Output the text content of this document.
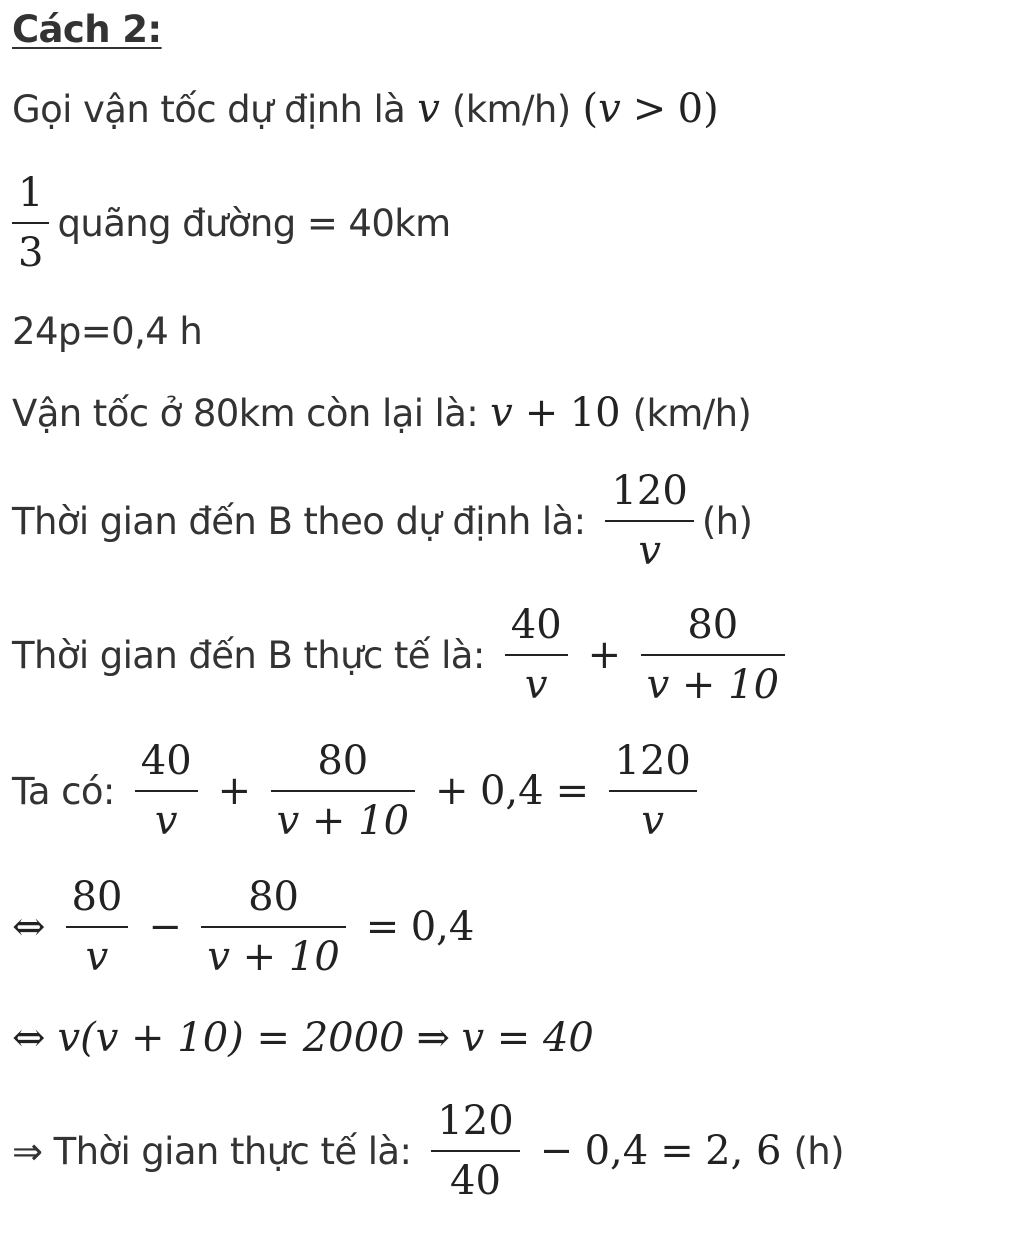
Cách 2:
Gọi vận tốc dự định là v (km/h) ( v > 0 )
$\frac{1}{3}$ quãng đường = 40km
24p=0,4 h
Vận tốc ở 80km còn lại là: v + 10 (km/h)
Thời gian đến B theo dự định là: $\frac{120}{v} (h)$
Thời gian đến B thực tế là: $\frac{40}{v} + \frac{80}{v + 10}$
Ta có: $\frac{40}{v} + \frac{80}{v + 10} + 0,4 = \frac{120}{v}$
⇔ $\frac{80}{v} - \frac{80}{v + 10} = 0,4$
⇔ v(v + 10) = 2000 ⇒ v = 40
⇒ Thời gian thực tế là: $\frac{120}{40} - 0,4 = 2$, 6 (h)
